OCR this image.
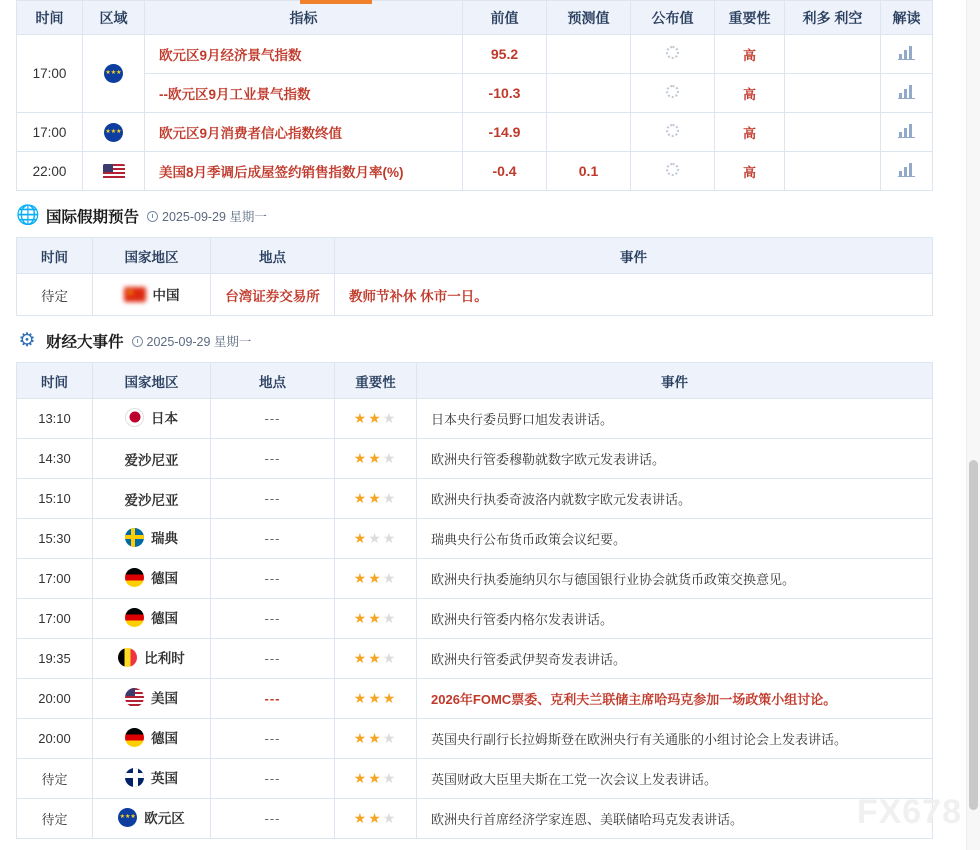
时间	区域	指标	前值	预测值	公布值	重要性	利多 利空	解读
17:00	★★★	欧元区9月经济景气指数	95.2			高		

		--欧元区9月工业景气指数	-10.3			高		

17:00	★★★	欧元区9月消费者信心指数终值	-14.9			高		

22:00		美国8月季调后成屋签约销售指数月率(%)	-0.4	0.1		高		
🌐 国际假期预告 2025-09-29 星期一
时间	国家地区	地点	事件
待定	★ 中国	台湾证券交易所	教师节补休 休市一日。
⚙ 财经大事件 2025-09-29 星期一
时间	国家地区	地点	重要性	事件
13:10	日本	---	★★★	日本央行委员野口旭发表讲话。
14:30	爱沙尼亚	---	★★★	欧洲央行管委穆勒就数字欧元发表讲话。
15:10	爱沙尼亚	---	★★★	欧洲央行执委奇波洛内就数字欧元发表讲话。
15:30	瑞典	---	★★★	瑞典央行公布货币政策会议纪要。
17:00	德国	---	★★★	欧洲央行执委施纳贝尔与德国银行业协会就货币政策交换意见。
17:00	德国	---	★★★	欧洲央行管委内格尔发表讲话。
19:35	比利时	---	★★★	欧洲央行管委武伊契奇发表讲话。
20:00	美国	---	★★★	2026年FOMC票委、克利夫兰联储主席哈玛克参加一场政策小组讨论。
20:00	德国	---	★★★	英国央行副行长拉姆斯登在欧洲央行有关通胀的小组讨论会上发表讲话。
待定	英国	---	★★★	英国财政大臣里夫斯在工党一次会议上发表讲话。
待定	★★★ 欧元区	---	★★★	欧洲央行首席经济学家连恩、美联储哈玛克发表讲话。	FX678
